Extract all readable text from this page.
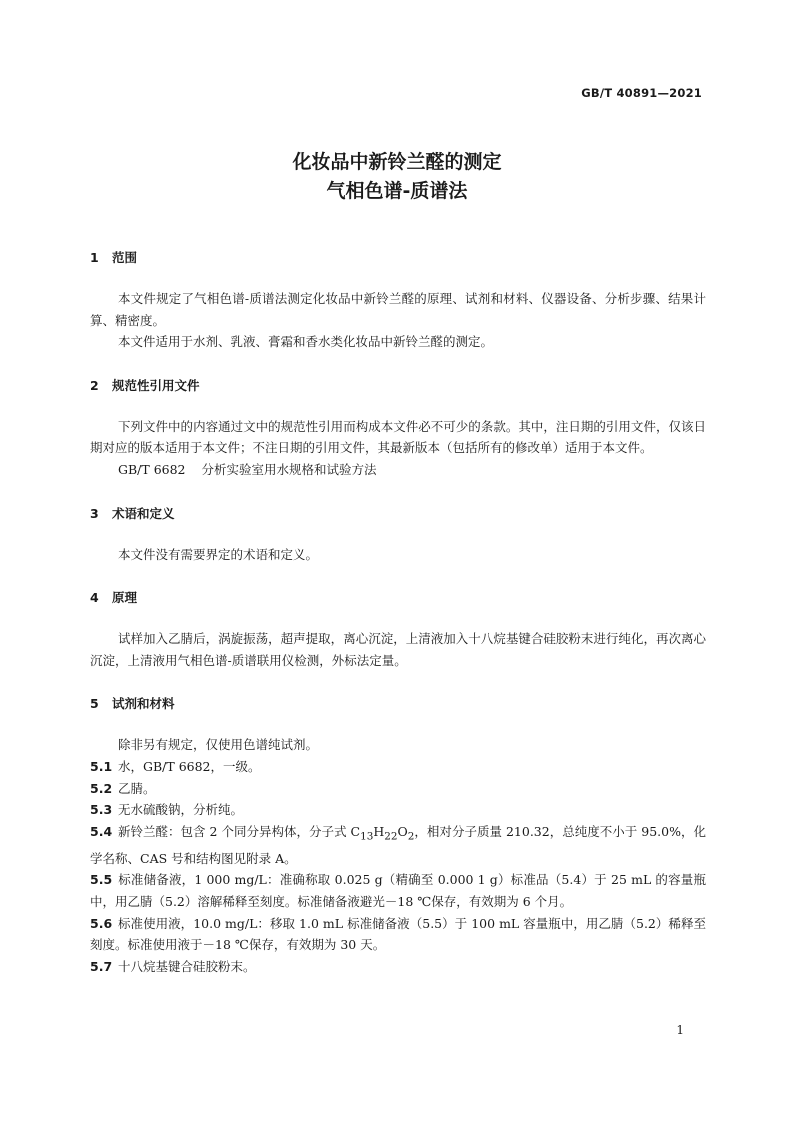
GB/T 40891—2021
化妆品中新铃兰醛的测定
气相色谱-质谱法
1 范围

本文件规定了气相色谱-质谱法测定化妆品中新铃兰醛的原理、试剂和材料、仪器设备、分析步骤、结果计算、精密度。

本文件适用于水剂、乳液、膏霜和香水类化妆品中新铃兰醛的测定。

2 规范性引用文件

下列文件中的内容通过文中的规范性引用而构成本文件必不可少的条款。其中，注日期的引用文件，仅该日期对应的版本适用于本文件；不注日期的引用文件，其最新版本（包括所有的修改单）适用于本文件。

GB/T 6682 分析实验室用水规格和试验方法
3 术语和定义

本文件没有需要界定的术语和定义。

4 原理

试样加入乙腈后，涡旋振荡，超声提取，离心沉淀，上清液加入十八烷基键合硅胶粉末进行纯化，再次离心沉淀，上清液用气相色谱-质谱联用仪检测，外标法定量。

5 试剂和材料

除非另有规定，仅使用色谱纯试剂。

5.1 水，GB/T 6682，一级。

5.2 乙腈。

5.3 无水硫酸钠，分析纯。

5.4 新铃兰醛：包含 2 个同分异构体，分子式 $C_{13}H_{22}O_2$，相对分子质量 210.32，总纯度不小于 95.0%，化学名称、CAS 号和结构图见附录 A。

5.5 标准储备液，1 000 mg/L：准确称取 0.025 g（精确至 0.000 1 g）标准品（5.4）于 25 mL 的容量瓶中，用乙腈（5.2）溶解稀释至刻度。标准储备液避光－18 ℃保存，有效期为 6 个月。

5.6 标准使用液，10.0 mg/L：移取 1.0 mL 标准储备液（5.5）于 100 mL 容量瓶中，用乙腈（5.2）稀释至刻度。标准使用液于－18 ℃保存，有效期为 30 天。

5.7 十八烷基键合硅胶粉末。

1
